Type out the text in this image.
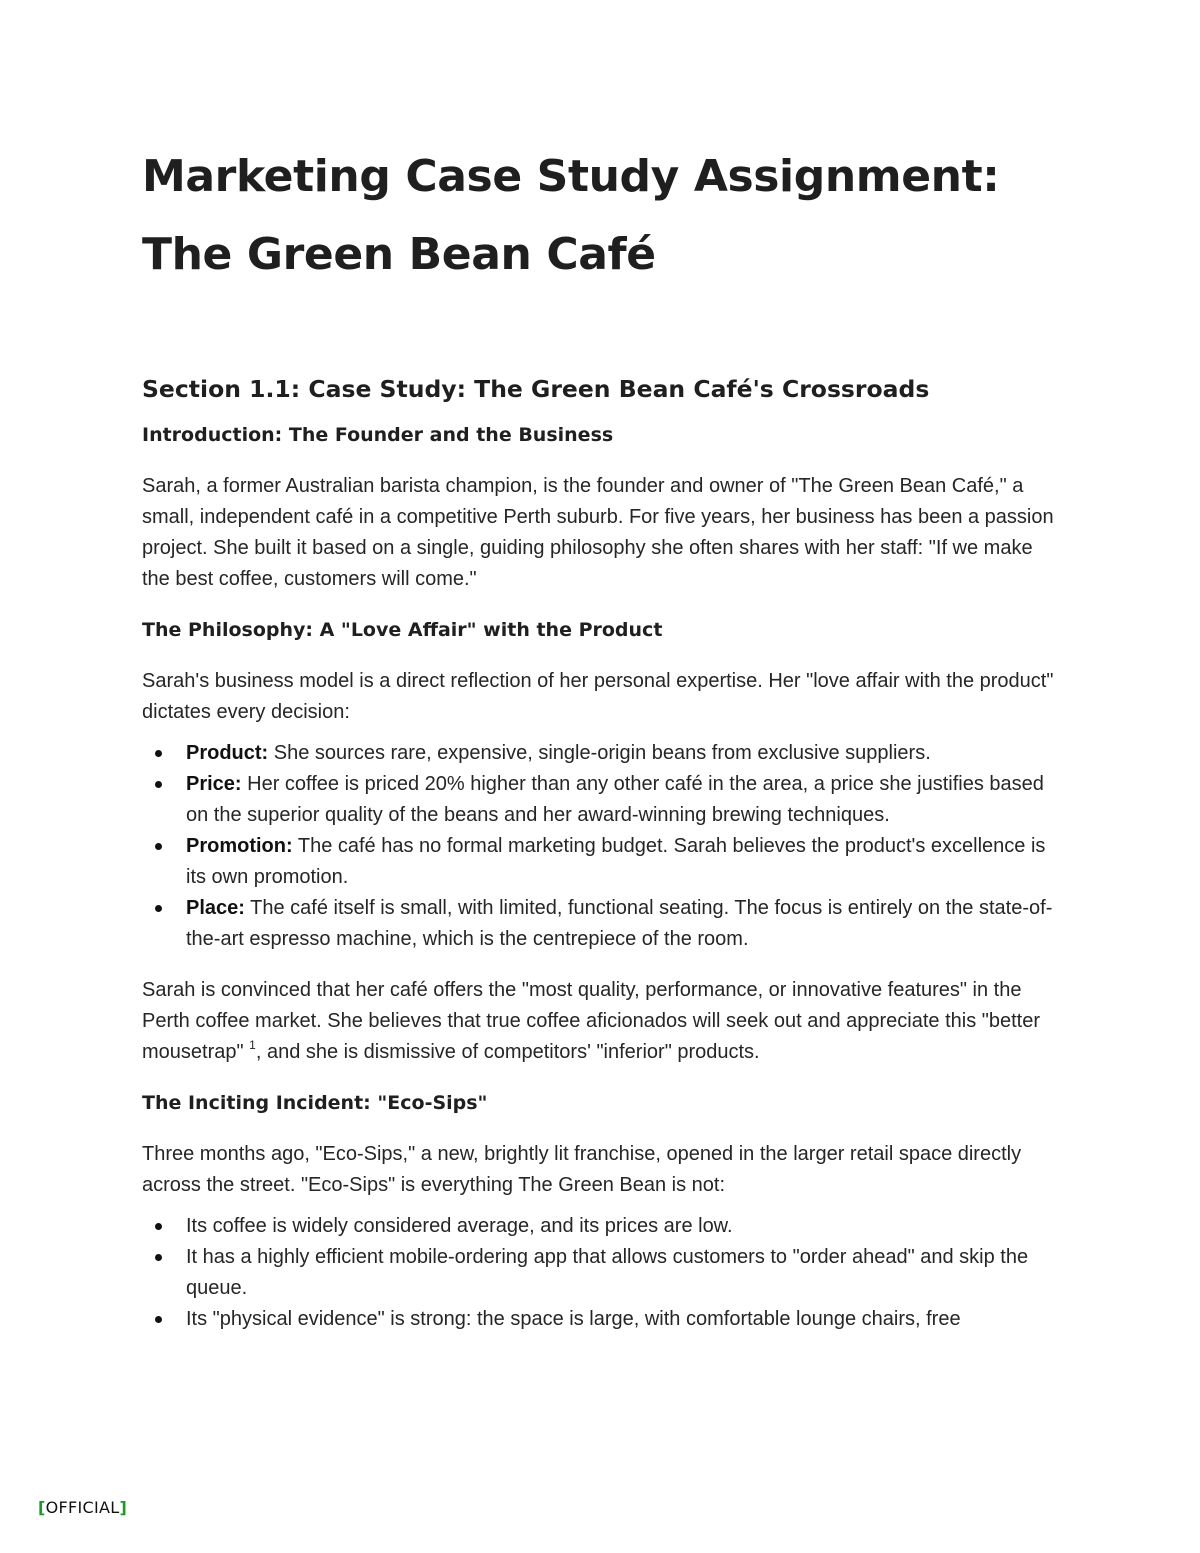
Marketing Case Study Assignment: The Green Bean Café
Section 1.1: Case Study: The Green Bean Café's Crossroads
Introduction: The Founder and the Business

Sarah, a former Australian barista champion, is the founder and owner of "The Green Bean Café," a small, independent café in a competitive Perth suburb. For five years, her business has been a passion project. She built it based on a single, guiding philosophy she often shares with her staff: "If we make the best coffee, customers will come."

The Philosophy: A "Love Affair" with the Product

Sarah's business model is a direct reflection of her personal expertise. Her "love affair with the product" dictates every decision:

Product: She sources rare, expensive, single-origin beans from exclusive suppliers.
Price: Her coffee is priced 20% higher than any other café in the area, a price she justifies based on the superior quality of the beans and her award-winning brewing techniques.
Promotion: The café has no formal marketing budget. Sarah believes the product's excellence is its own promotion.
Place: The café itself is small, with limited, functional seating. The focus is entirely on the state-of-the-art espresso machine, which is the centrepiece of the room.

Sarah is convinced that her café offers the "most quality, performance, or innovative features" in the Perth coffee market. She believes that true coffee aficionados will seek out and appreciate this "better mousetrap" $^1$, and she is dismissive of competitors' "inferior" products.

The Inciting Incident: "Eco-Sips"

Three months ago, "Eco-Sips," a new, brightly lit franchise, opened in the larger retail space directly across the street. "Eco-Sips" is everything The Green Bean is not:

Its coffee is widely considered average, and its prices are low.
It has a highly efficient mobile-ordering app that allows customers to "order ahead" and skip the queue.
Its "physical evidence" is strong: the space is large, with comfortable lounge chairs, free
[OFFICIAL]
